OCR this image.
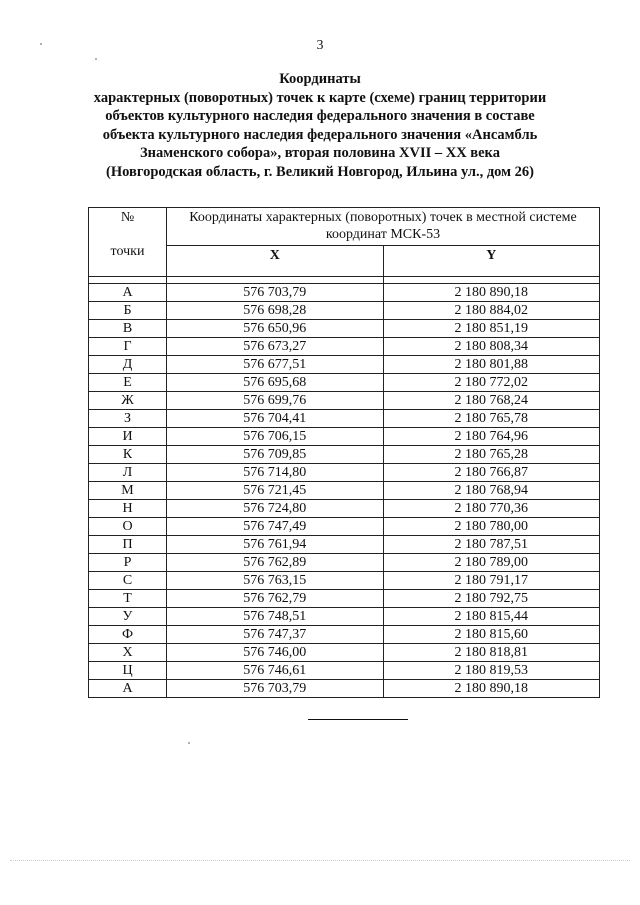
3
Координаты
характерных (поворотных) точек к карте (схеме) границ территории
объектов культурного наследия федерального значения в составе
объекта культурного наследия федерального значения «Ансамбль
Знаменского собора», вторая половина XVII – XX века
(Новгородская область, г. Великий Новгород, Ильина ул., дом 26)
№
точки	Координаты характерных (поворотных) точек в местной системе координат МСК-53	
	X	Y

А	576 703,79	2 180 890,18
Б	576 698,28	2 180 884,02
В	576 650,96	2 180 851,19
Г	576 673,27	2 180 808,34
Д	576 677,51	2 180 801,88
Е	576 695,68	2 180 772,02
Ж	576 699,76	2 180 768,24
З	576 704,41	2 180 765,78
И	576 706,15	2 180 764,96
К	576 709,85	2 180 765,28
Л	576 714,80	2 180 766,87
М	576 721,45	2 180 768,94
Н	576 724,80	2 180 770,36
О	576 747,49	2 180 780,00
П	576 761,94	2 180 787,51
Р	576 762,89	2 180 789,00
С	576 763,15	2 180 791,17
Т	576 762,79	2 180 792,75
У	576 748,51	2 180 815,44
Ф	576 747,37	2 180 815,60
Х	576 746,00	2 180 818,81
Ц	576 746,61	2 180 819,53
А	576 703,79	2 180 890,18
